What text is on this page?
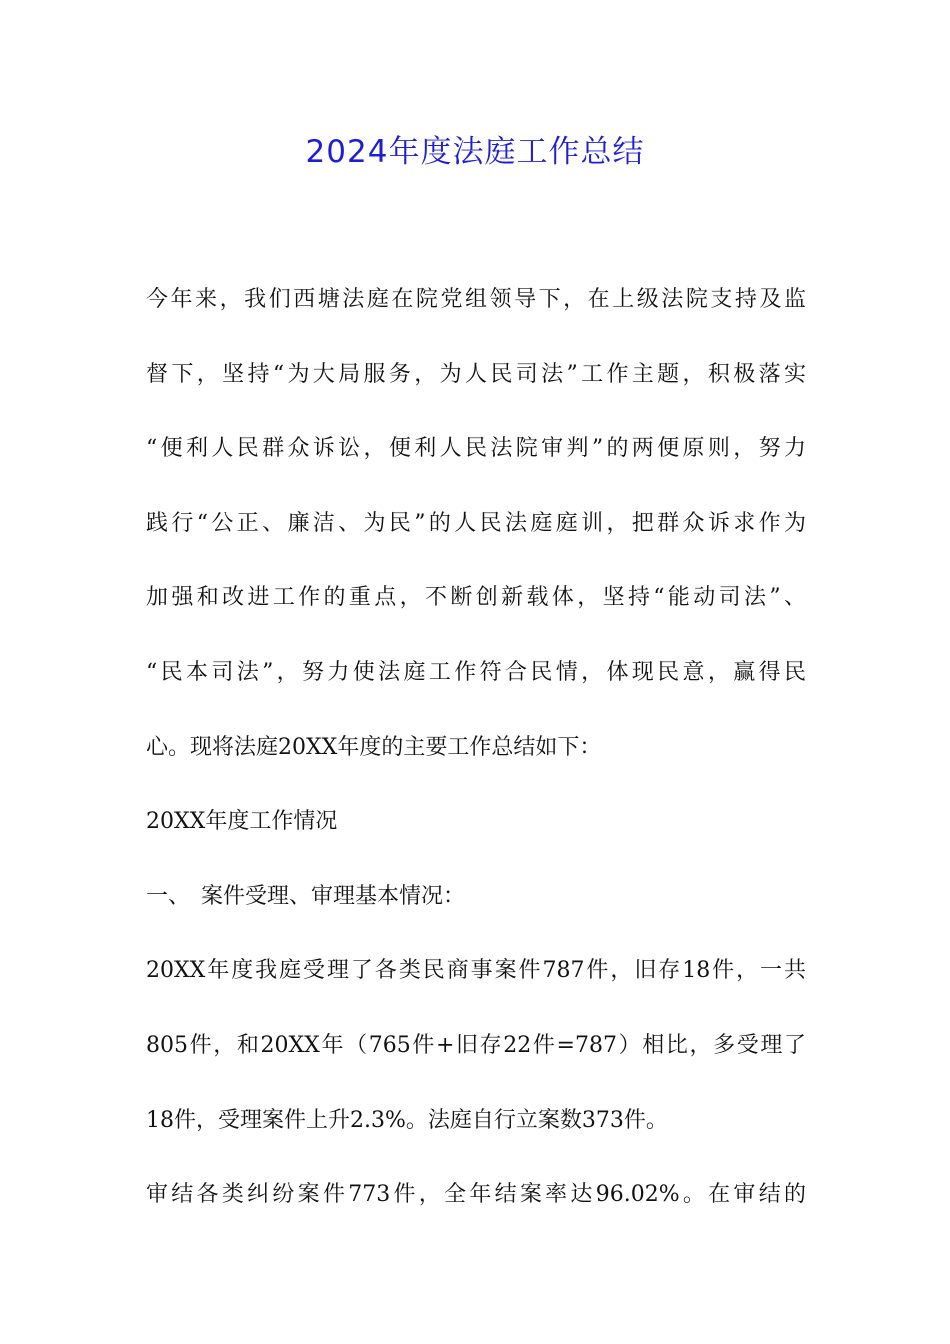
2024年度法庭工作总结
今年来，我们西塘法庭在院党组领导下，在上级法院支持及监
督下，坚持“为大局服务，为人民司法”工作主题，积极落实
“便利人民群众诉讼，便利人民法院审判”的两便原则，努力
践行“公正、廉洁、为民”的人民法庭庭训，把群众诉求作为
加强和改进工作的重点，不断创新载体，坚持“能动司法”、
“民本司法”，努力使法庭工作符合民情，体现民意，赢得民
心。现将法庭20XX年度的主要工作总结如下：
20XX年度工作情况
一、　案件受理、审理基本情况：
20XX年度我庭受理了各类民商事案件787件，旧存18件，一共
805件，和20XX年（765件+旧存22件=787）相比，多受理了
18件，受理案件上升2.3%。法庭自行立案数373件。
审结各类纠纷案件773件，全年结案率达96.02%。在审结的
